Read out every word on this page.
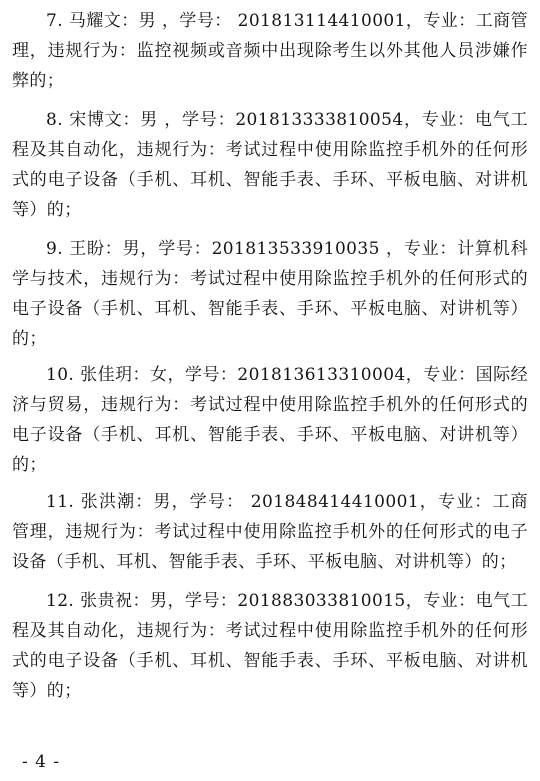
7. 马耀文：男 ，学号： 201813114410001，专业：工商管理，违规行为：监控视频或音频中出现除考生以外其他人员涉嫌作弊的；

8. 宋博文：男 ，学号：201813333810054，专业：电气工程及其自动化，违规行为：考试过程中使用除监控手机外的任何形式的电子设备（手机、耳机、智能手表、手环、平板电脑、对讲机等）的；

9. 王盼：男，学号：201813533910035 ，专业：计算机科学与技术，违规行为：考试过程中使用除监控手机外的任何形式的电子设备（手机、耳机、智能手表、手环、平板电脑、对讲机等）的；

10. 张佳玥：女，学号：201813613310004，专业：国际经济与贸易，违规行为：考试过程中使用除监控手机外的任何形式的电子设备（手机、耳机、智能手表、手环、平板电脑、对讲机等）的；

11. 张洪潮：男，学号： 201848414410001，专业：工商管理，违规行为：考试过程中使用除监控手机外的任何形式的电子设备（手机、耳机、智能手表、手环、平板电脑、对讲机等）的；

12. 张贵祝：男，学号：201883033810015，专业：电气工程及其自动化，违规行为：考试过程中使用除监控手机外的任何形式的电子设备（手机、耳机、智能手表、手环、平板电脑、对讲机等）的；

- 4 -
